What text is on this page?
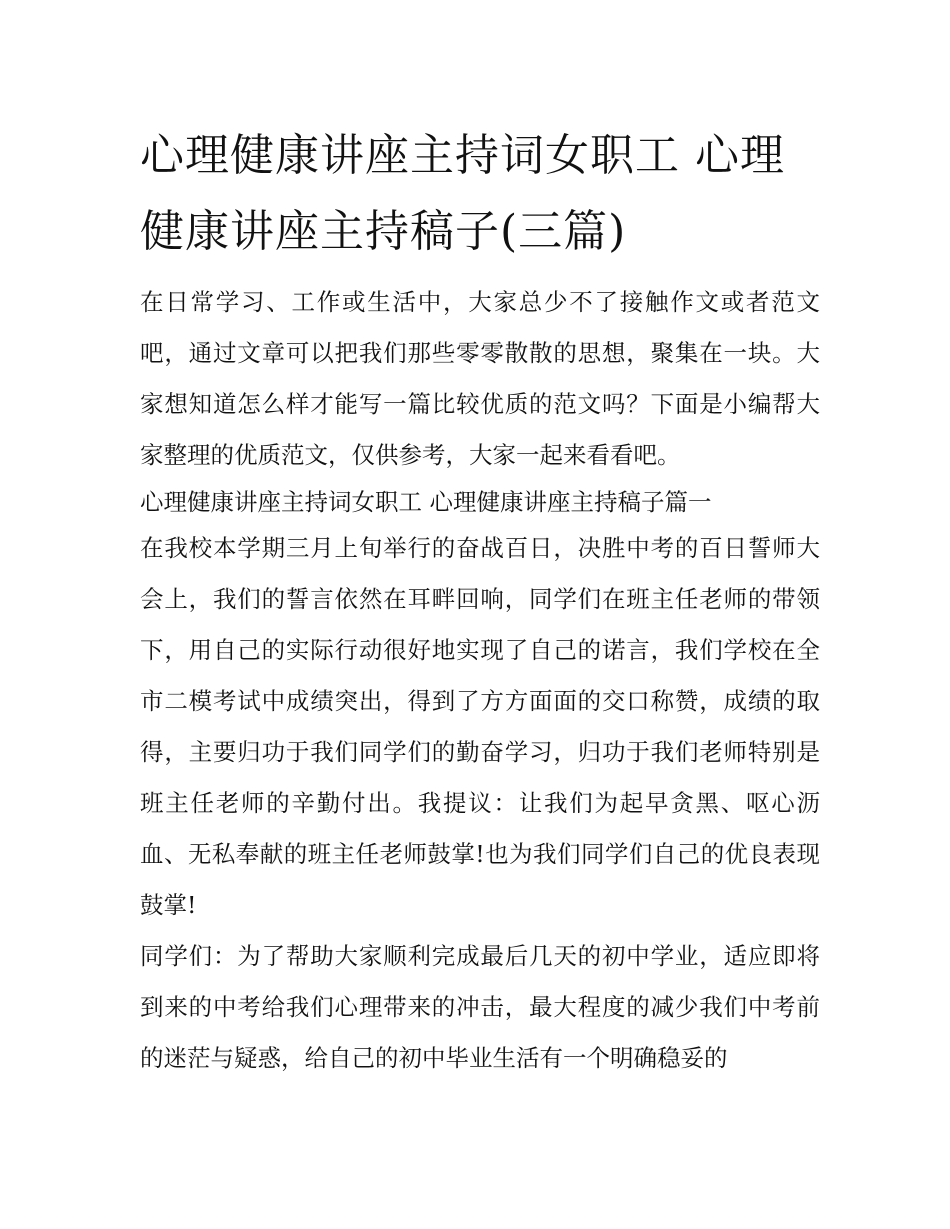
心理健康讲座主持词女职工 心理健康讲座主持稿子(三篇)

在日常学习、工作或生活中，大家总少不了接触作文或者范文吧，通过文章可以把我们那些零零散散的思想，聚集在一块。大家想知道怎么样才能写一篇比较优质的范文吗？下面是小编帮大家整理的优质范文，仅供参考，大家一起来看看吧。

心理健康讲座主持词女职工 心理健康讲座主持稿子篇一

在我校本学期三月上旬举行的奋战百日，决胜中考的百日誓师大会上，我们的誓言依然在耳畔回响，同学们在班主任老师的带领下，用自己的实际行动很好地实现了自己的诺言，我们学校在全市二模考试中成绩突出，得到了方方面面的交口称赞，成绩的取得，主要归功于我们同学们的勤奋学习，归功于我们老师特别是班主任老师的辛勤付出。我提议：让我们为起早贪黑、呕心沥血、无私奉献的班主任老师鼓掌!也为我们同学们自己的优良表现鼓掌!

同学们：为了帮助大家顺利完成最后几天的初中学业，适应即将到来的中考给我们心理带来的冲击，最大程度的减少我们中考前的迷茫与疑惑，给自己的初中毕业生活有一个明确稳妥的
